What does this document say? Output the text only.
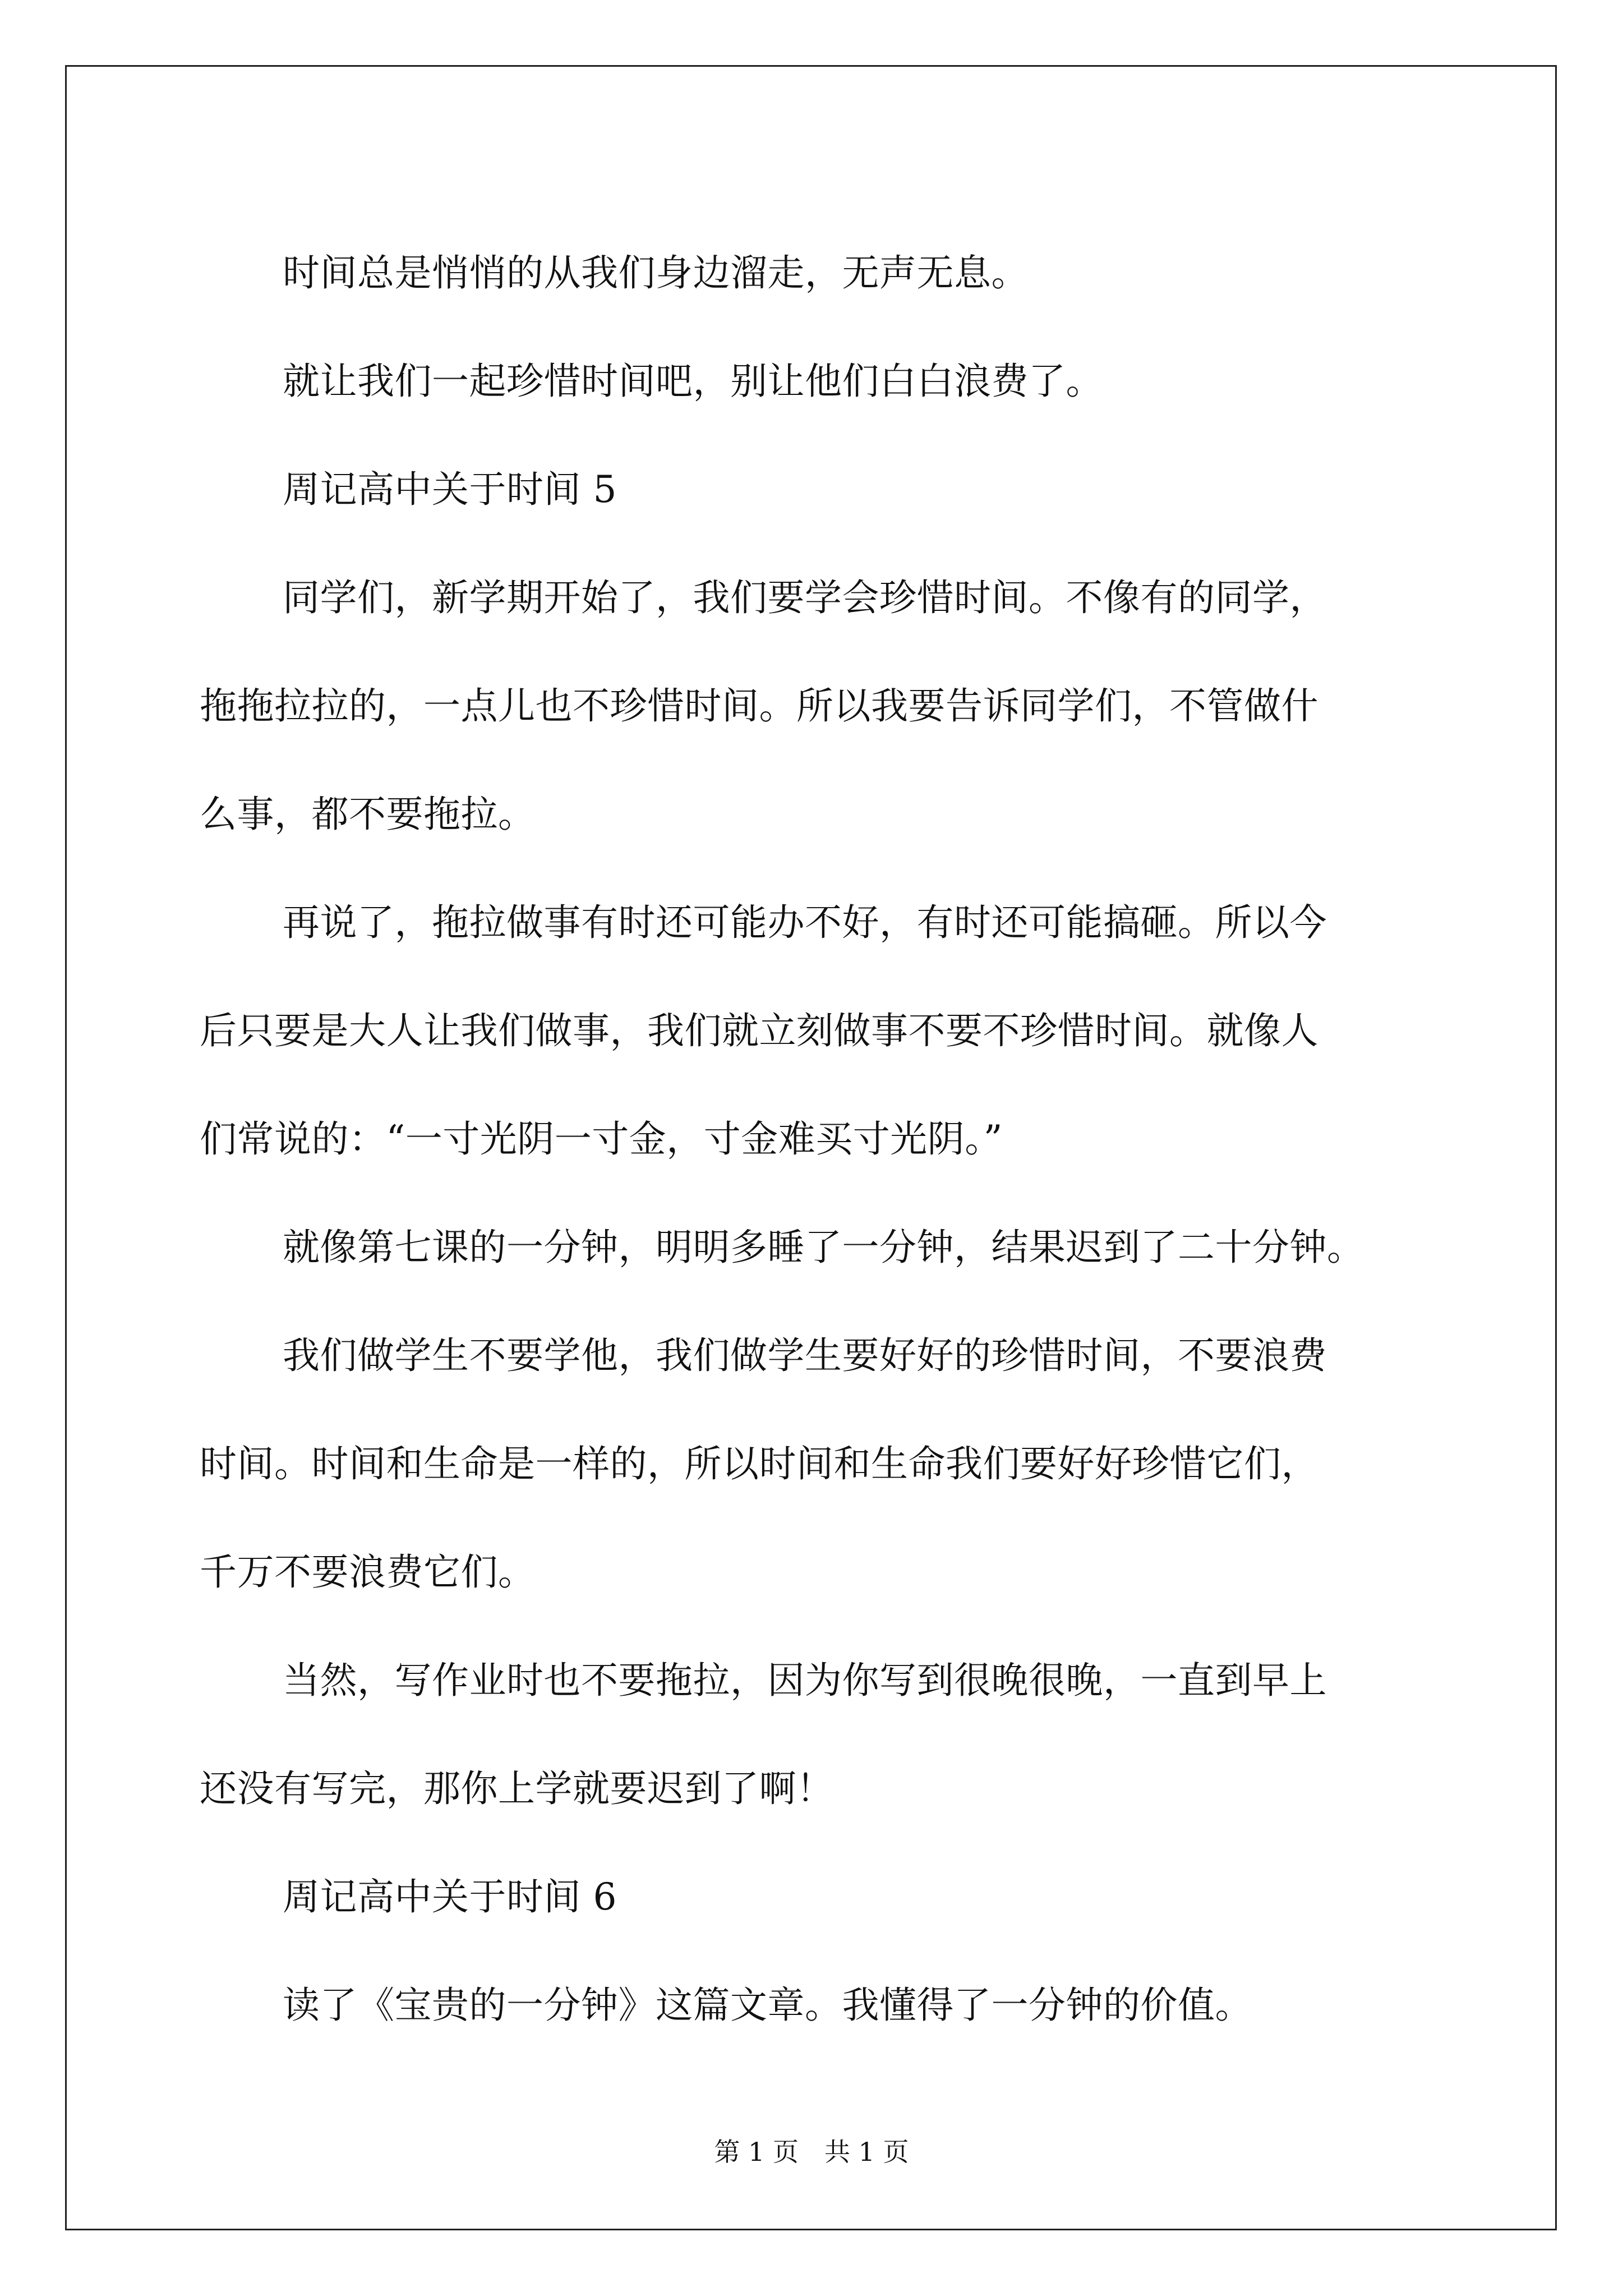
时间总是悄悄的从我们身边溜走，无声无息。

就让我们一起珍惜时间吧，别让他们白白浪费了。

周记高中关于时间 5

同学们，新学期开始了，我们要学会珍惜时间。不像有的同学，
拖拖拉拉的，一点儿也不珍惜时间。所以我要告诉同学们，不管做什
么事，都不要拖拉。

再说了，拖拉做事有时还可能办不好，有时还可能搞砸。所以今
后只要是大人让我们做事，我们就立刻做事不要不珍惜时间。就像人
们常说的：“一寸光阴一寸金，寸金难买寸光阴。”

就像第七课的一分钟，明明多睡了一分钟，结果迟到了二十分钟。

我们做学生不要学他，我们做学生要好好的珍惜时间，不要浪费
时间。时间和生命是一样的，所以时间和生命我们要好好珍惜它们，
千万不要浪费它们。

当然，写作业时也不要拖拉，因为你写到很晚很晚，一直到早上
还没有写完，那你上学就要迟到了啊！

周记高中关于时间 6

读了《宝贵的一分钟》这篇文章。我懂得了一分钟的价值。

第 1 页　共 1 页
